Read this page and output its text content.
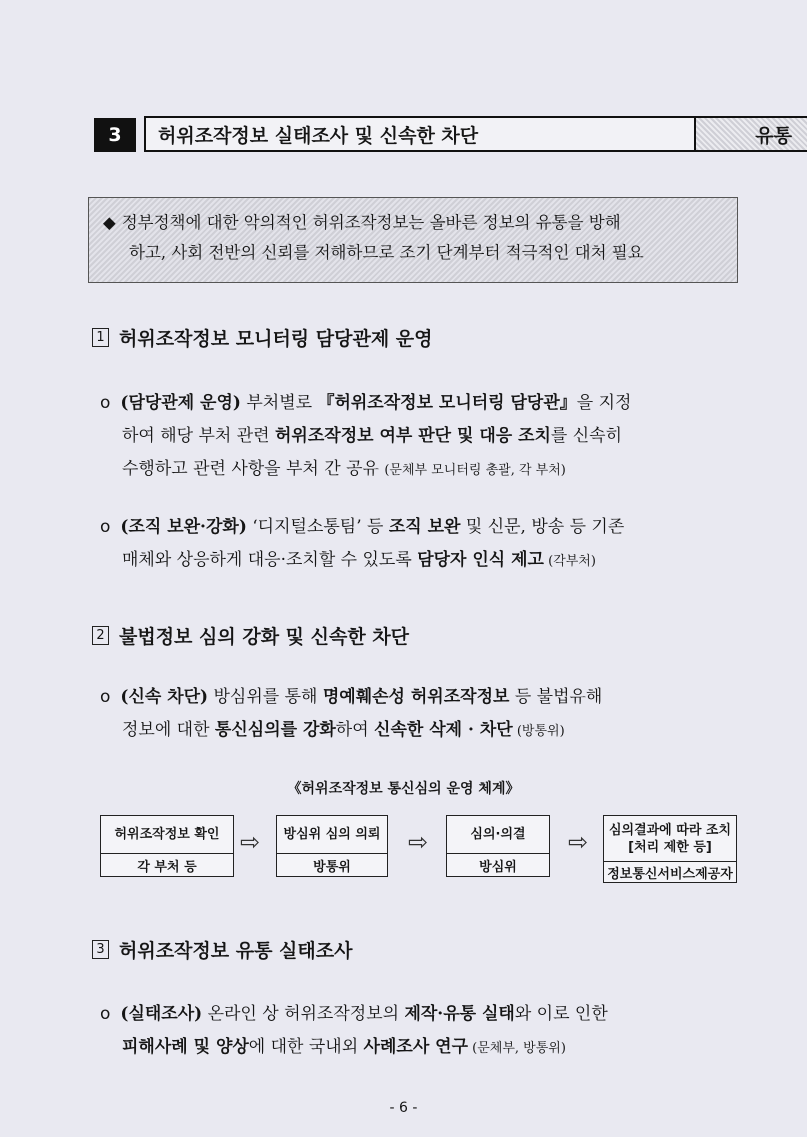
3	허위조작정보 실태조사 및 신속한 차단	유통
◆ 정부정책에 대한 악의적인 허위조작정보는 올바른 정보의 유통을 방해
하고, 사회 전반의 신뢰를 저해하므로 조기 단계부터 적극적인 대처 필요
1 허위조작정보 모니터링 담당관제 운영
o (담당관제 운영) 부처별로 『허위조작정보 모니터링 담당관』을 지정
하여 해당 부처 관련 허위조작정보 여부 판단 및 대응 조치를 신속히
수행하고 관련 사항을 부처 간 공유 (문체부 모니터링 총괄, 각 부처)
o (조직 보완·강화) ‘디지털소통팀’ 등 조직 보완 및 신문, 방송 등 기존
매체와 상응하게 대응·조치할 수 있도록 담당자 인식 제고 (각부처)
2 불법정보 심의 강화 및 신속한 차단
o (신속 차단) 방심위를 통해 명예훼손성 허위조작정보 등 불법유해
정보에 대한 통신심의를 강화하여 신속한 삭제 · 차단 (방통위)
《허위조작정보 통신심의 운영 체계》
허위조작정보 확인
각 부처 등
⇨	방심위 심의 의뢰
방통위
⇨	심의·의결
방심위
⇨ 심의결과에 따라 조치
[처리 제한 등]
정보통신서비스제공자
3 허위조작정보 유통 실태조사
o (실태조사) 온라인 상 허위조작정보의 제작·유통 실태와 이로 인한
피해사례 및 양상에 대한 국내외 사례조사 연구 (문체부, 방통위)
- 6 -
